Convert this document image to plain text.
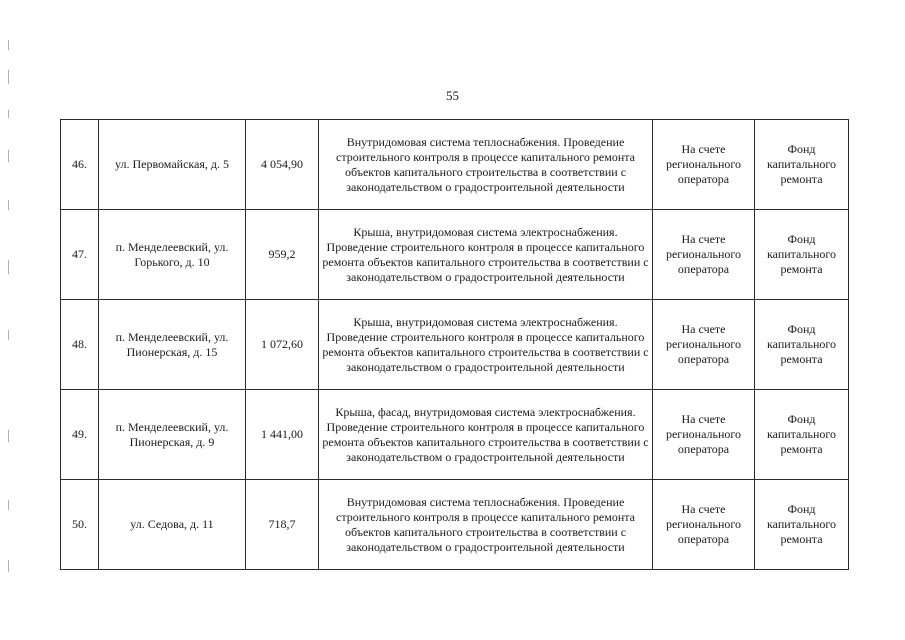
55
46.	ул. Первомайская, д. 5	4 054,90	Внутридомовая система теплоснабжения. Проведение строительного контроля в процессе капитального ремонта объектов капитального строительства в соответствии с законодательством о градостроительной деятельности	На счете регионального оператора	Фонд капитального ремонта
47.	п. Менделеевский, ул. Горького, д. 10	959,2	Крыша, внутридомовая система электроснабжения. Проведение строительного контроля в процессе капитального ремонта объектов капитального строительства в соответствии с законодательством о градостроительной деятельности	На счете регионального оператора	Фонд капитального ремонта
48.	п. Менделеевский, ул. Пионерская, д. 15	1 072,60	Крыша, внутридомовая система электроснабжения. Проведение строительного контроля в процессе капитального ремонта объектов капитального строительства в соответствии с законодательством о градостроительной деятельности	На счете регионального оператора	Фонд капитального ремонта
49.	п. Менделеевский, ул. Пионерская, д. 9	1 441,00	Крыша, фасад, внутридомовая система электроснабжения. Проведение строительного контроля в процессе капитального ремонта объектов капитального строительства в соответствии с законодательством о градостроительной деятельности	На счете регионального оператора	Фонд капитального ремонта
50.	ул. Седова, д. 11	718,7	Внутридомовая система теплоснабжения. Проведение строительного контроля в процессе капитального ремонта объектов капитального строительства в соответствии с законодательством о градостроительной деятельности	На счете регионального оператора	Фонд капитального ремонта
